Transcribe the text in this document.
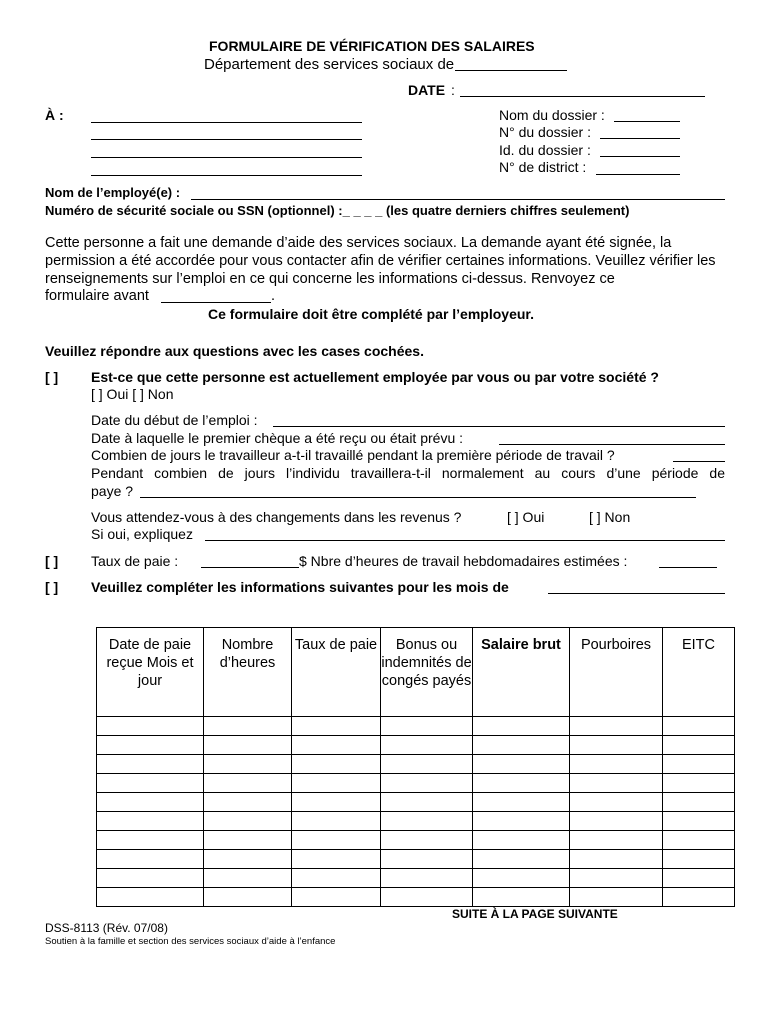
FORMULAIRE DE VÉRIFICATION DES SALAIRES
Département des services sociaux de
DATE :
À :	Nom du dossier :
N° du dossier :
Id. du dossier :
N° de district :
Nom de l’employé(e) :
Numéro de sécurité sociale ou SSN (optionnel) :_ _ _ _ (les quatre derniers chiffres seulement)
Cette personne a fait une demande d’aide des services sociaux. La demande ayant été signée, la permission a été accordée pour vous contacter afin de vérifier certaines informations. Veuillez vérifier les renseignements sur l’emploi en ce qui concerne les informations ci-dessus. Renvoyez ce
formulaire avant	.
Ce formulaire doit être complété par l’employeur.
Veuillez répondre aux questions avec les cases cochées.
[ ] Est-ce que cette personne est actuellement employée par vous ou par votre société ?
[ ] Oui [ ] Non
Date du début de l’emploi :
Date à laquelle le premier chèque a été reçu ou était prévu :
Combien de jours le travailleur a-t-il travaillé pendant la première période de travail ?
Pendant combien de jours l’individu travaillera-t-il normalement au cours d’une période de
paye ?
Vous attendez-vous à des changements dans les revenus ?	[ ] Oui	[ ] Non
Si oui, expliquez
[ ] Taux de paie :	$ Nbre d’heures de travail hebdomadaires estimées :
[ ] Veuillez compléter les informations suivantes pour les mois de
Date de paie reçue Mois et jour	Nombre d’heures	Taux de paie	Bonus ou indemnités de congés payés	Salaire brut	Pourboires	EITC

SUITE À LA PAGE SUIVANTE
DSS-8113 (Rév. 07/08)
Soutien à la famille et section des services sociaux d’aide à l’enfance
